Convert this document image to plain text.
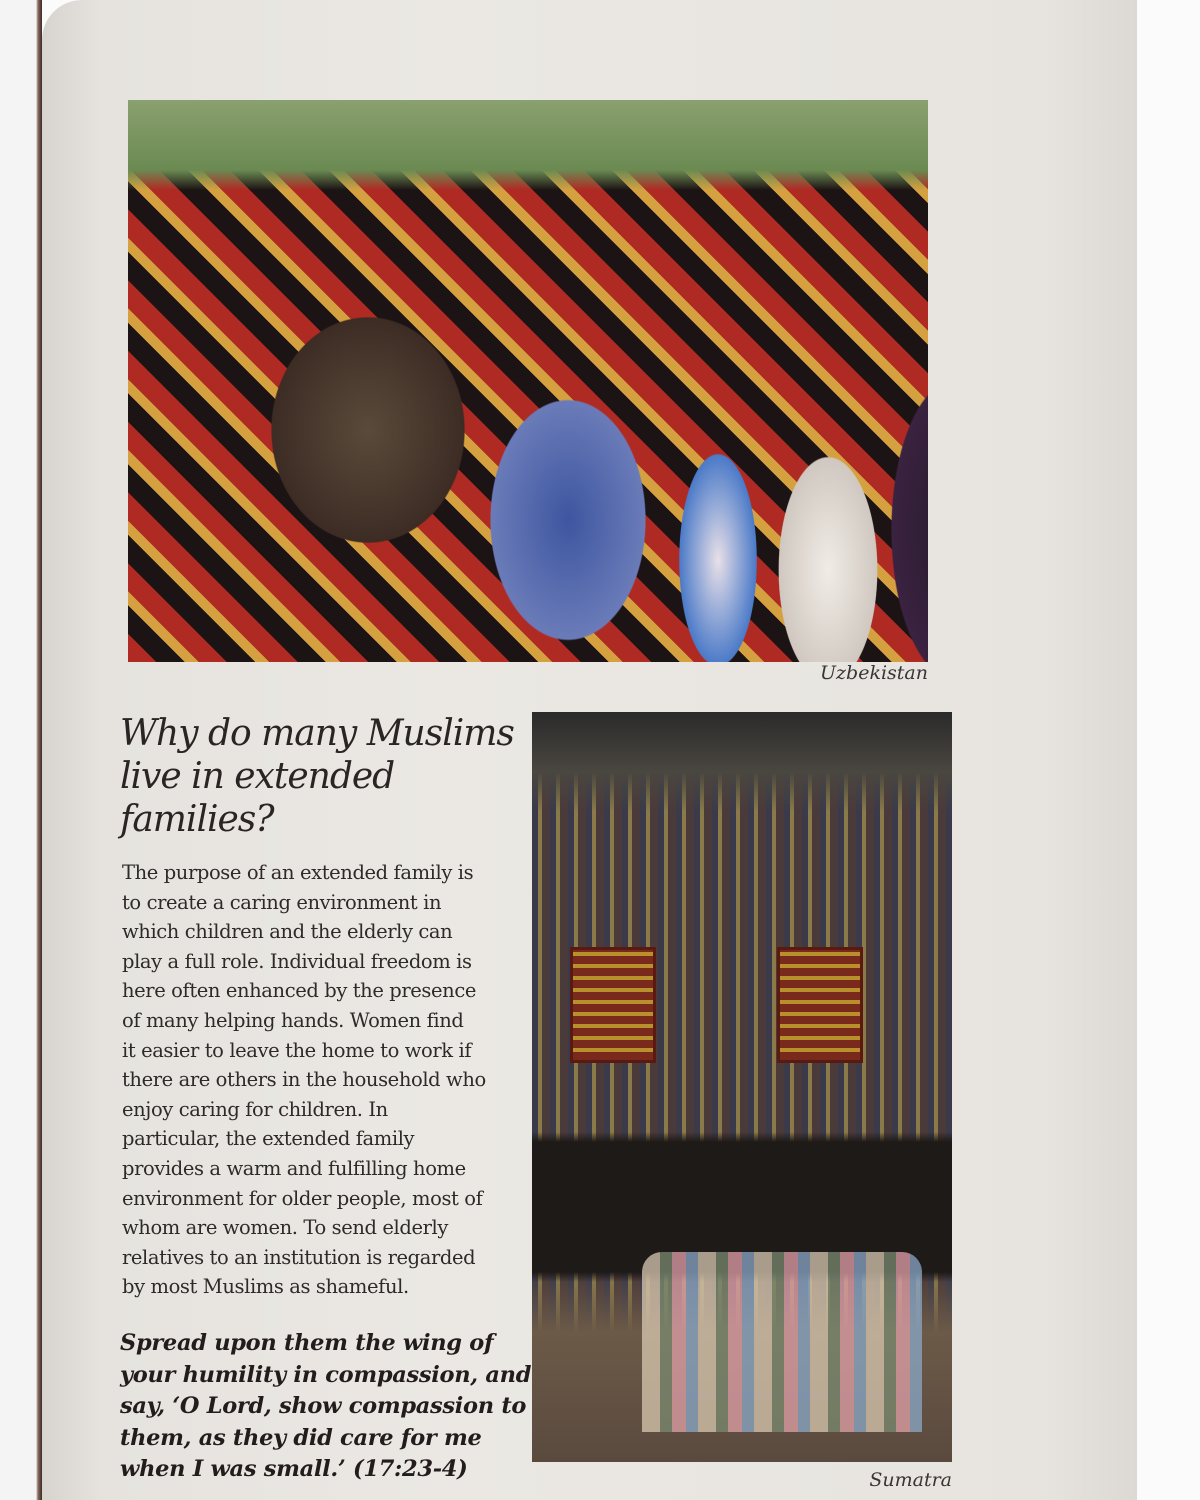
Uzbekistan
Why do many Muslims
live in extended
families?
The purpose of an extended family is
to create a caring environment in
which children and the elderly can
play a full role. Individual freedom is
here often enhanced by the presence
of many helping hands. Women find
it easier to leave the home to work if
there are others in the household who
enjoy caring for children. In
particular, the extended family
provides a warm and fulfilling home
environment for older people, most of
whom are women. To send elderly
relatives to an institution is regarded
by most Muslims as shameful.
Spread upon them the wing of
your humility in compassion, and
say, ‘O Lord, show compassion to
them, as they did care for me
when I was small.’ (17:23-4)	Sumatra
